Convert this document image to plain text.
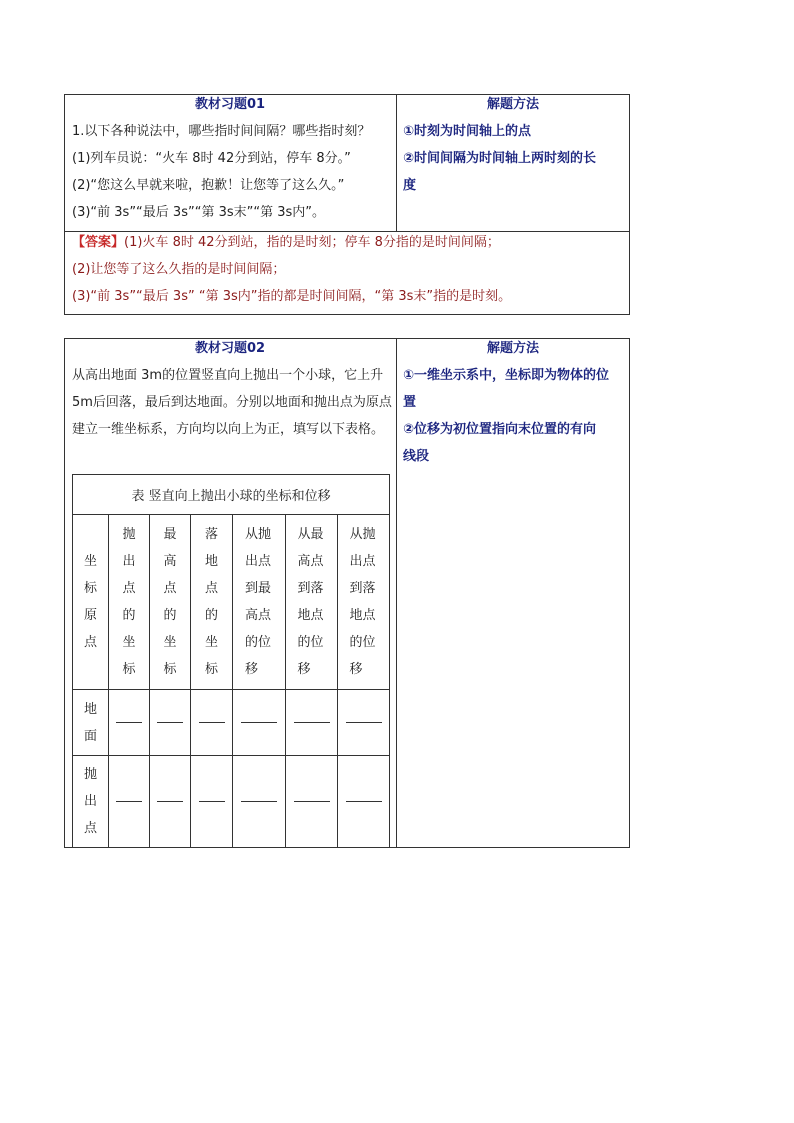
教材习题01	解题方法
1.以下各种说法中，哪些指时间间隔？哪些指时刻？
(1)列车员说：“火车 8时 42分到站，停车 8分。”
(2)“您这么早就来啦，抱歉！让您等了这么久。”
(3)“前 3s”“最后 3s”“第 3s末”“第 3s内”。
①时刻为时间轴上的点
②时间间隔为时间轴上两时刻的长
度
【答案】(1)火车 8时 42分到站，指的是时刻；停车 8分指的是时间间隔；
(2)让您等了这么久指的是时间间隔；
(3)“前 3s”“最后 3s” “第 3s内”指的都是时间间隔，“第 3s末”指的是时刻。
教材习题02	解题方法
从高出地面 3m的位置竖直向上抛出一个小球，它上升 5m后回落，最后到达地面。分别以地面和抛出点为原点建立一维坐标系，方向均以向上为正，填写以下表格。
①一维坐示系中，坐标即为物体的位
置
②位移为初位置指向末位置的有向
线段
表 竖直向上抛出小球的坐标和位移						
坐标原点	抛出点的坐标	最高点的坐标	落地点的坐标	从抛出点到最高点的位移	从最高点到落地点的位移	从抛出点到落地点的位移
地面						
抛出点						
